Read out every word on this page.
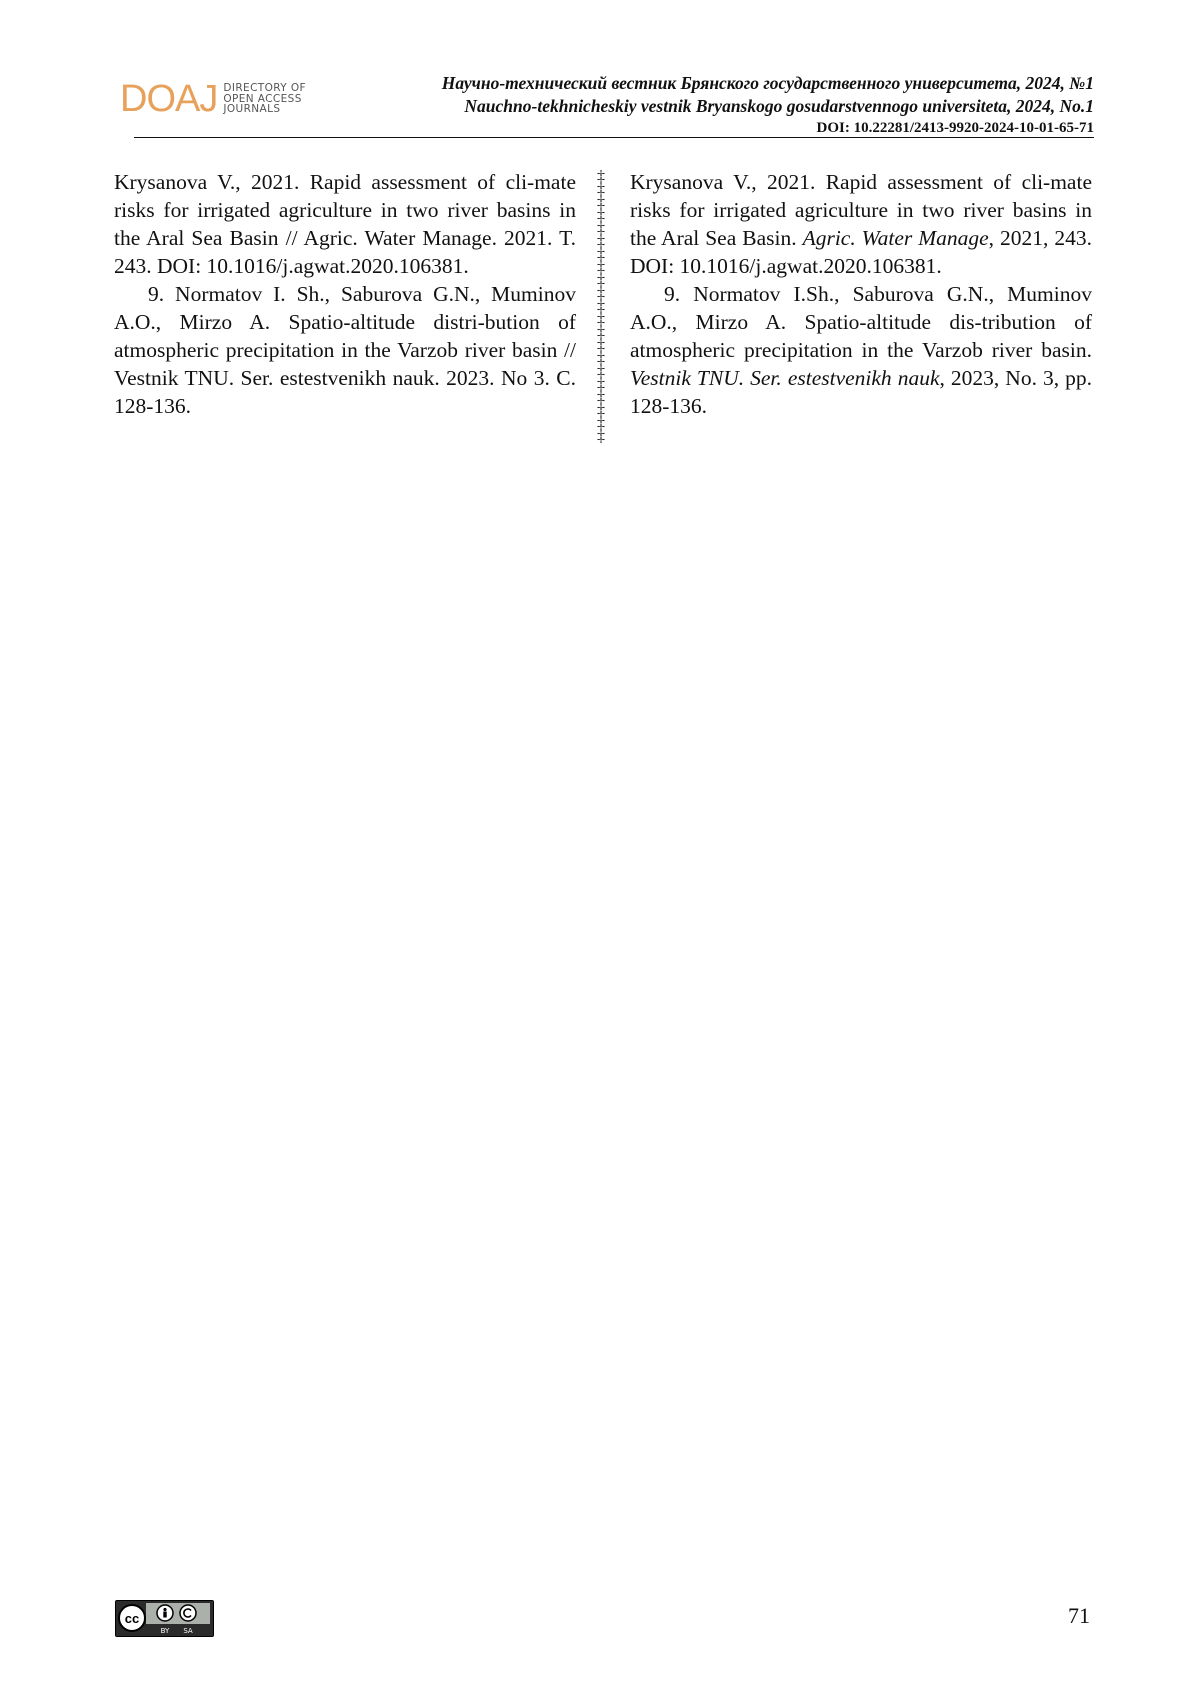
DOAJ DIRECTORY OF
OPEN ACCESS
JOURNALS
Научно-технический вестник Брянского государственного университета, 2024, №1
Nauchno-tekhnicheskiy vestnik Bryanskogo gosudarstvennogo universiteta, 2024, No.1
DOI: 10.22281/2413-9920-2024-10-01-65-71

Krysanova V., 2021. Rapid assessment of cli-mate risks for irrigated agriculture in two river basins in the Aral Sea Basin // Agric. Water Manage. 2021. T. 243. DOI: 10.1016/j.agwat.2020.106381.

9. Normatov I. Sh., Saburova G.N., Muminov A.O., Mirzo A. Spatio-altitude distri-bution of atmospheric precipitation in the Varzob river basin // Vestnik TNU. Ser. estestvenikh nauk. 2023. No 3. C. 128-136.

‡
‡
‡
‡
‡
‡
‡
‡
‡
‡
‡
‡
‡
‡
‡
‡
‡
‡
‡
‡
‡

Krysanova V., 2021. Rapid assessment of cli-mate risks for irrigated agriculture in two river basins in the Aral Sea Basin. Agric. Water Manage, 2021, 243. DOI: 10.1016/j.agwat.2020.106381.

9. Normatov I.Sh., Saburova G.N., Muminov A.O., Mirzo A. Spatio-altitude dis-tribution of atmospheric precipitation in the Varzob river basin. Vestnik TNU. Ser. estestvenikh nauk, 2023, No. 3, pp. 128-136.

cc
BY SA
71
